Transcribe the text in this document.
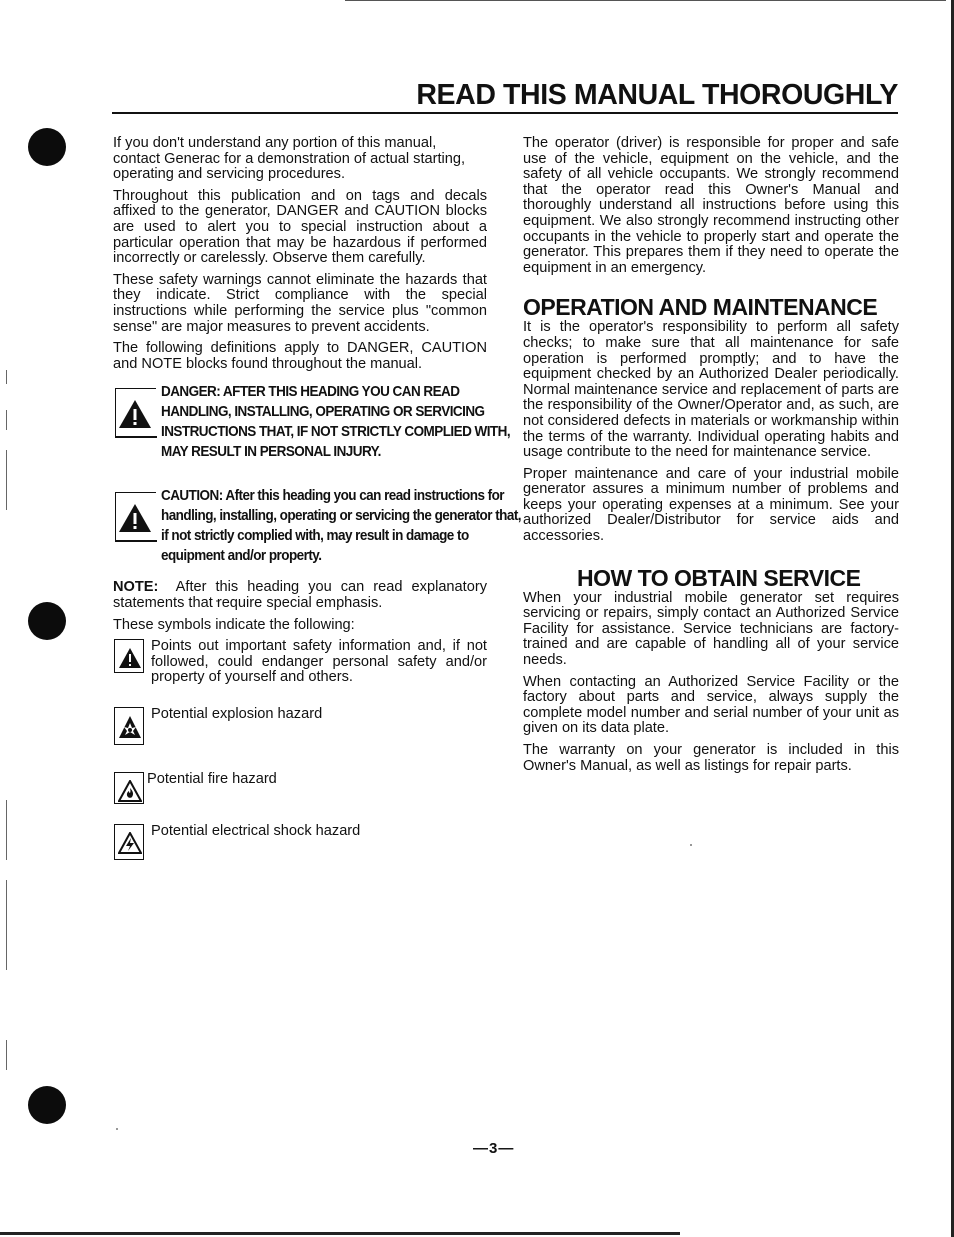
READ THIS MANUAL THOROUGHLY

If you don't understand any portion of this manual, contact Generac for a demonstration of actual starting, operating and servicing procedures.

Throughout this publication and on tags and decals affixed to the generator, DANGER and CAUTION blocks are used to alert you to special instruction about a particular operation that may be hazardous if performed incorrectly or carelessly. Observe them carefully.

These safety warnings cannot eliminate the hazards that they indicate. Strict compliance with the special instructions while performing the service plus "common sense" are major measures to prevent accidents.

The following definitions apply to DANGER, CAUTION and NOTE blocks found throughout the manual.

DANGER: AFTER THIS HEADING YOU CAN READ HANDLING, INSTALLING, OPERATING OR SERVICING INSTRUCTIONS THAT, IF NOT STRICTLY COMPLIED WITH, MAY RESULT IN PERSONAL INJURY.
CAUTION: After this heading you can read instructions for handling, installing, operating or servicing the generator that, if not strictly complied with, may result in damage to equipment and/or property.

NOTE: After this heading you can read explanatory statements that require special emphasis.

These symbols indicate the following:

Points out important safety information and, if not followed, could endanger personal safety and/or property of yourself and others.

Potential explosion hazard

Potential fire hazard

Potential electrical shock hazard

The operator (driver) is responsible for proper and safe use of the vehicle, equipment on the vehicle, and the safety of all vehicle occupants. We strongly recommend that the operator read this Owner's Manual and thoroughly understand all instructions before using this equipment. We also strongly recommend instructing other occupants in the vehicle to properly start and operate the generator. This prepares them if they need to operate the equipment in an emergency.

OPERATION AND MAINTENANCE

It is the operator's responsibility to perform all safety checks; to make sure that all maintenance for safe operation is performed promptly; and to have the equipment checked by an Authorized Dealer periodically. Normal maintenance service and replacement of parts are the responsibility of the Owner/Operator and, as such, are not considered defects in materials or workmanship within the terms of the warranty. Individual operating habits and usage contribute to the need for maintenance service.

Proper maintenance and care of your industrial mobile generator assures a minimum number of problems and keeps your operating expenses at a minimum. See your authorized Dealer/Distributor for service aids and accessories.

HOW TO OBTAIN SERVICE

When your industrial mobile generator set requires servicing or repairs, simply contact an Authorized Service Facility for assistance. Service technicians are factory-trained and are capable of handling all of your service needs.

When contacting an Authorized Service Facility or the factory about parts and service, always supply the complete model number and serial number of your unit as given on its data plate.

The warranty on your generator is included in this Owner's Manual, as well as listings for repair parts.

—3—
